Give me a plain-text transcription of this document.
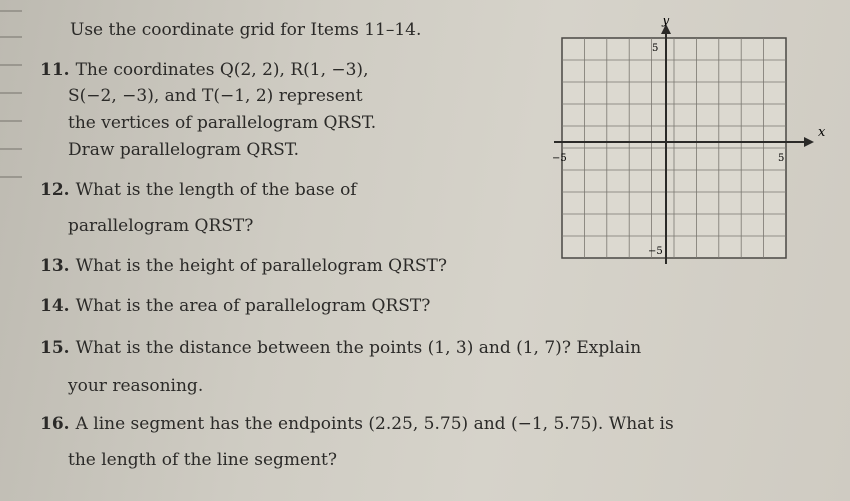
Use the coordinate grid for Items 11–14.
11. The coordinates Q(2, 2), R(1, −3),
S(−2, −3), and T(−1, 2) represent
the vertices of parallelogram QRST.
Draw parallelogram QRST.
12. What is the length of the base of
parallelogram QRST?
13. What is the height of parallelogram QRST?
14. What is the area of parallelogram QRST?
15. What is the distance between the points (1, 3) and (1, 7)? Explain
your reasoning.
16. A line segment has the endpoints (2.25, 5.75) and (−1, 5.75). What is
the length of the line segment?
x
y
5
−5	5
−5
